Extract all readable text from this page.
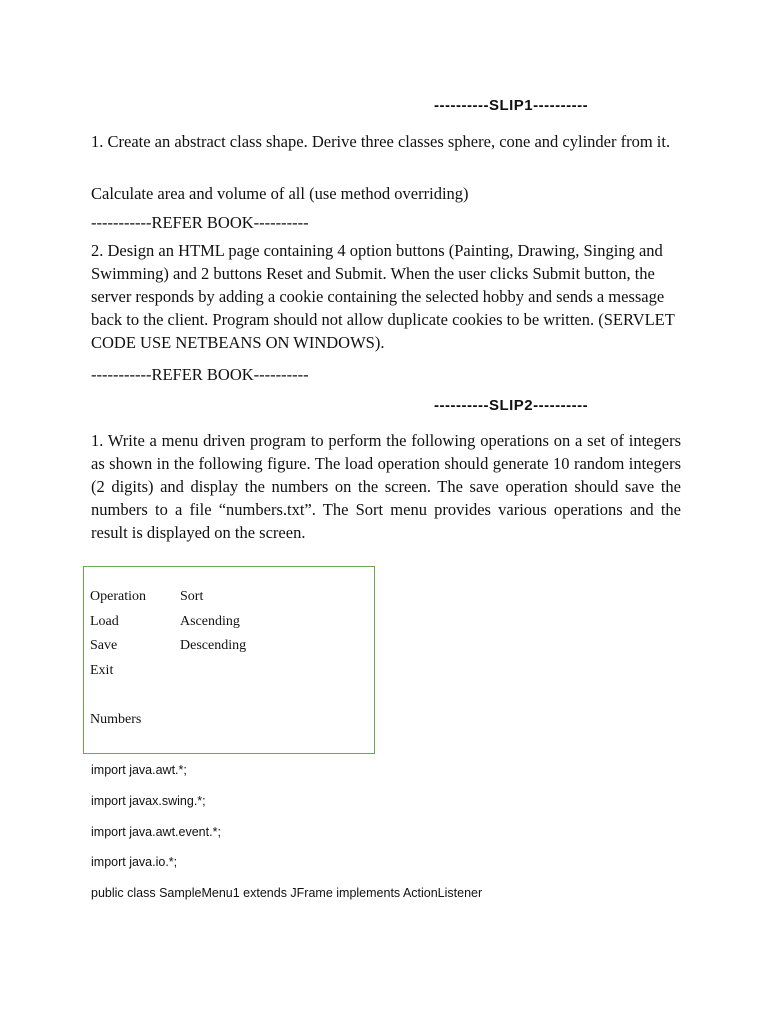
----------SLIP1----------

1. Create an abstract class shape. Derive three classes sphere, cone and cylinder from it.

Calculate area and volume of all (use method overriding)

-----------REFER BOOK----------

2. Design an HTML page containing 4 option buttons (Painting, Drawing, Singing and Swimming) and 2 buttons Reset and Submit. When the user clicks Submit button, the server responds by adding a cookie containing the selected hobby and sends a message back to the client. Program should not allow duplicate cookies to be written. (SERVLET CODE USE NETBEANS ON WINDOWS).

-----------REFER BOOK----------

----------SLIP2----------

1. Write a menu driven program to perform the following operations on a set of integers as shown in the following figure. The load operation should generate 10 random integers (2 digits) and display the numbers on the screen. The save operation should save the numbers to a file “numbers.txt”. The Sort menu provides various operations and the result is displayed on the screen.

Operation
Load
Save
Exit

Numbers
Sort
Ascending
Descending
import java.awt.*;
import javax.swing.*;
import java.awt.event.*;
import java.io.*;
public class SampleMenu1 extends JFrame implements ActionListener
